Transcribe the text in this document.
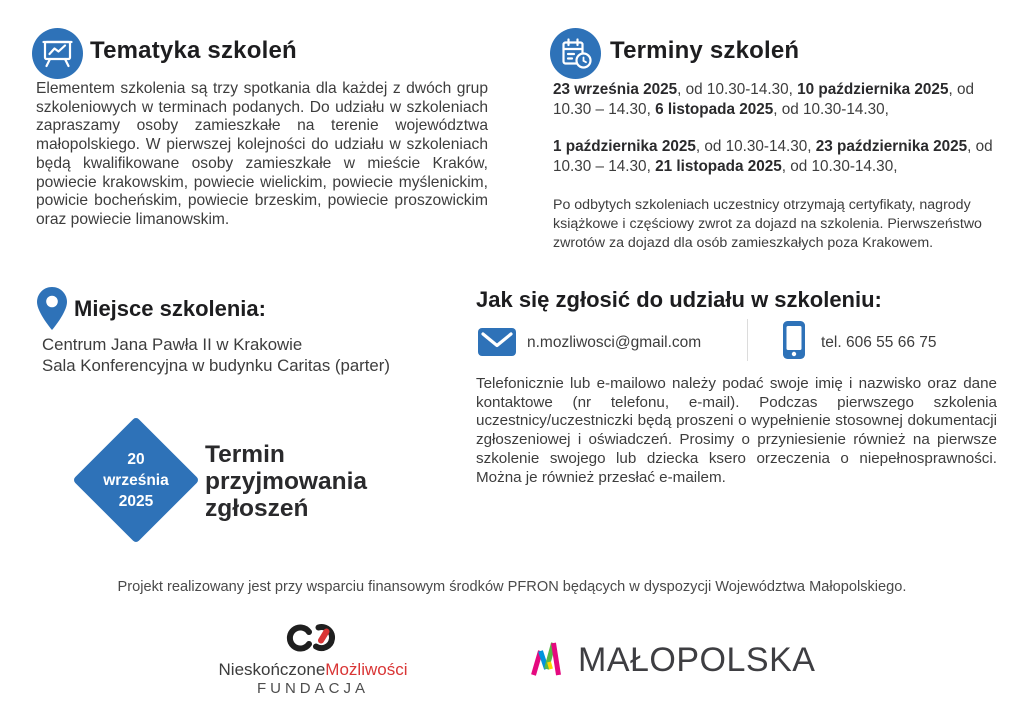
Tematyka szkoleń
Elementem szkolenia są trzy spotkania dla każdej z dwóch grup szkoleniowych w terminach podanych. Do udziału w szkoleniach zapraszamy osoby zamieszkałe na terenie województwa małopolskiego. W pierwszej kolejności do udziału w szkoleniach będą kwalifikowane osoby zamieszkałe w mieście Kraków, powiecie krakowskim, powiecie wielickim, powiecie myślenickim, powicie bocheńskim, powiecie brzeskim, powiecie proszowickim oraz powiecie limanowskim.
Terminy szkoleń
23 września 2025, od 10.30-14.30, 10 października 2025, od 10.30 – 14.30, 6 listopada 2025, od 10.30-14.30,
1 października 2025, od 10.30-14.30, 23 października 2025, od 10.30 – 14.30, 21 listopada 2025, od 10.30-14.30,
Po odbytych szkoleniach uczestnicy otrzymają certyfikaty, nagrody książkowe i częściowy zwrot za dojazd na szkolenia. Pierwszeństwo zwrotów za dojazd dla osób zamieszkałych poza Krakowem.
Miejsce szkolenia:
Centrum Jana Pawła II w Krakowie
Sala Konferencyjna w budynku Caritas (parter)
Jak się zgłosić do udziału w szkoleniu:
n.mozliwosci@gmail.com	tel. 606 55 66 75
Telefonicznie lub e-mailowo należy podać swoje imię i nazwisko oraz dane kontaktowe (nr telefonu, e-mail). Podczas pierwszego szkolenia uczestnicy/uczestniczki będą proszeni o wypełnienie stosownej dokumentacji zgłoszeniowej i oświadczeń. Prosimy o przyniesienie również na pierwsze szkolenie swojego lub dziecka ksero orzeczenia o niepełnosprawności. Można je również przesłać e-mailem.
20
września
2025
Termin przyjmowania zgłoszeń
Projekt realizowany jest przy wsparciu finansowym środków PFRON będących w dyspozycji Województwa Małopolskiego.
NieskończoneMożliwości
FUNDACJA
MAŁOPOLSKA
